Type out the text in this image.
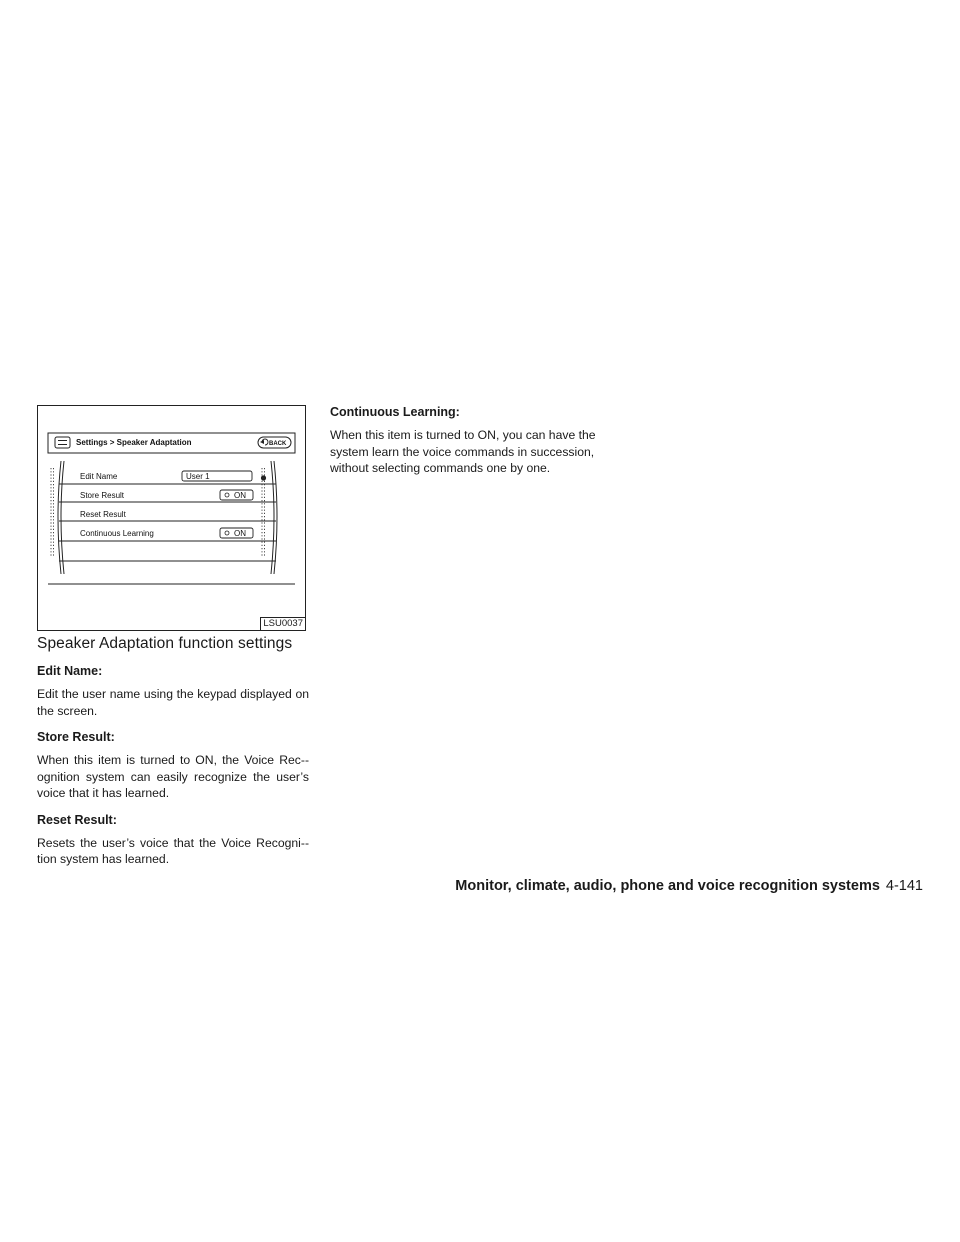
Settings > Speaker Adaptation	BACK
Edit Name	User 1
Store Result	ON
Reset Result
Continuous Learning	ON
LSU0037
Speaker Adaptation function settings
Edit Name:

Edit the user name using the keypad displayed on the screen.

Store Result:

When this item is turned to ON, the Voice Rec-ognition system can easily recognize the user’s voice that it has learned.

Reset Result:

Resets the user’s voice that the Voice Recogni-tion system has learned.

Continuous Learning:

When this item is turned to ON, you can have the system learn the voice commands in succession, without selecting commands one by one.

Monitor, climate, audio, phone and voice recognition systems 4-141
